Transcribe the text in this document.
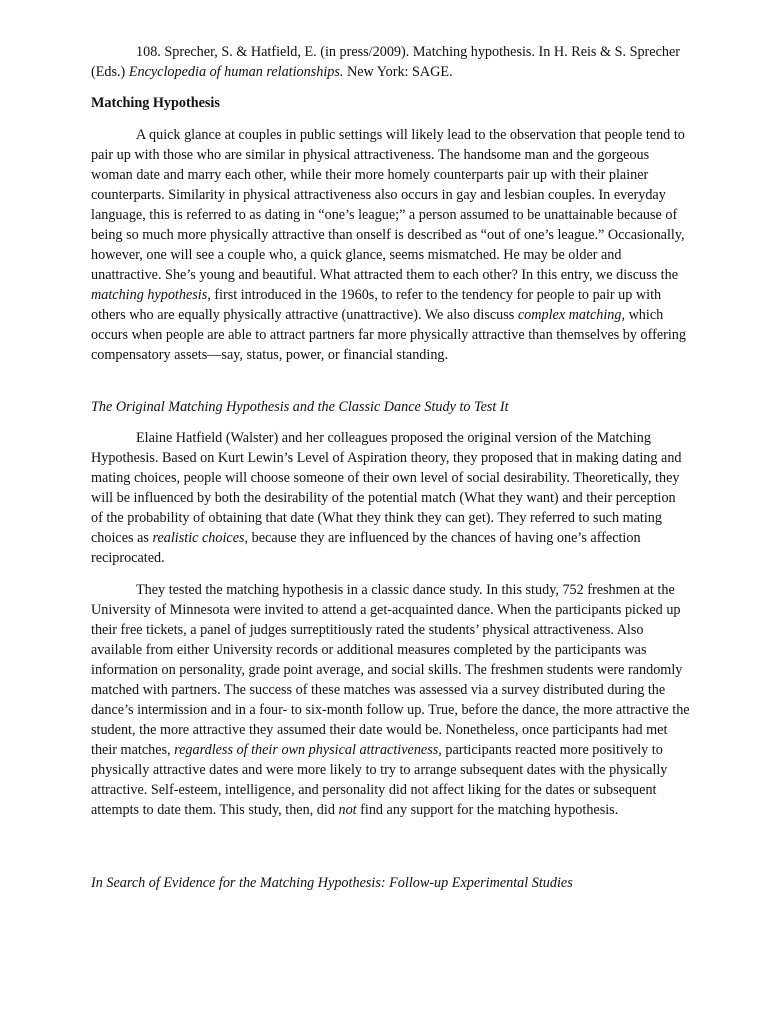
108. Sprecher, S. & Hatfield, E. (in press/2009). Matching hypothesis. In H. Reis & S. Sprecher (Eds.) Encyclopedia of human relationships. New York: SAGE.

Matching Hypothesis

A quick glance at couples in public settings will likely lead to the observation that people tend to pair up with those who are similar in physical attractiveness. The handsome man and the gorgeous woman date and marry each other, while their more homely counterparts pair up with their plainer counterparts. Similarity in physical attractiveness also occurs in gay and lesbian couples. In everyday language, this is referred to as dating in “one’s league;” a person assumed to be unattainable because of being so much more physically attractive than onself is described as “out of one’s league.” Occasionally, however, one will see a couple who, a quick glance, seems mismatched. He may be older and unattractive. She’s young and beautiful. What attracted them to each other? In this entry, we discuss the matching hypothesis, first introduced in the 1960s, to refer to the tendency for people to pair up with others who are equally physically attractive (unattractive). We also discuss complex matching, which occurs when people are able to attract partners far more physically attractive than themselves by offering compensatory assets—say, status, power, or financial standing.

The Original Matching Hypothesis and the Classic Dance Study to Test It

Elaine Hatfield (Walster) and her colleagues proposed the original version of the Matching Hypothesis. Based on Kurt Lewin’s Level of Aspiration theory, they proposed that in making dating and mating choices, people will choose someone of their own level of social desirability. Theoretically, they will be influenced by both the desirability of the potential match (What they want) and their perception of the probability of obtaining that date (What they think they can get). They referred to such mating choices as realistic choices, because they are influenced by the chances of having one’s affection reciprocated.

They tested the matching hypothesis in a classic dance study. In this study, 752 freshmen at the University of Minnesota were invited to attend a get-acquainted dance. When the participants picked up their free tickets, a panel of judges surreptitiously rated the students’ physical attractiveness. Also available from either University records or additional measures completed by the participants was information on personality, grade point average, and social skills. The freshmen students were randomly matched with partners. The success of these matches was assessed via a survey distributed during the dance’s intermission and in a four- to six-month follow up. True, before the dance, the more attractive the student, the more attractive they assumed their date would be. Nonetheless, once participants had met their matches, regardless of their own physical attractiveness, participants reacted more positively to physically attractive dates and were more likely to try to arrange subsequent dates with the physically attractive. Self-esteem, intelligence, and personality did not affect liking for the dates or subsequent attempts to date them. This study, then, did not find any support for the matching hypothesis.

In Search of Evidence for the Matching Hypothesis: Follow-up Experimental Studies
